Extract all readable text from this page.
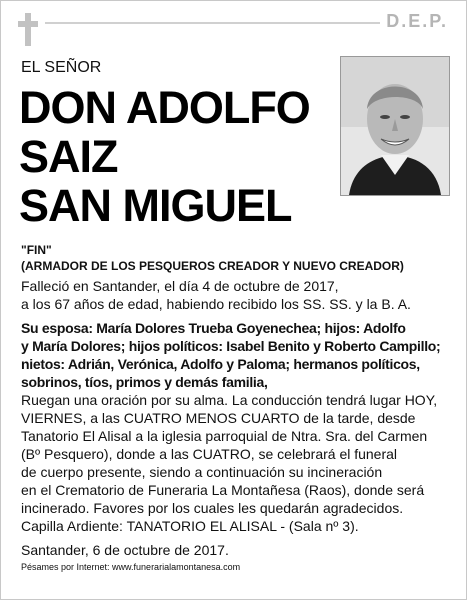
D.E.P.
EL SEÑOR
DON ADOLFO
SAIZ
SAN MIGUEL
"FIN"
(ARMADOR DE LOS PESQUEROS CREADOR Y NUEVO CREADOR)
Falleció en Santander, el día 4 de octubre de 2017,
a los 67 años de edad, habiendo recibido los SS. SS. y la B. A.
Su esposa: María Dolores Trueba Goyenechea; hijos: Adolfo
y María Dolores; hijos políticos: Isabel Benito y Roberto Campillo;
nietos: Adrián, Verónica, Adolfo y Paloma; hermanos políticos,
sobrinos, tíos, primos y demás familia,
Ruegan una oración por su alma. La conducción tendrá lugar HOY,
VIERNES, a las CUATRO MENOS CUARTO de la tarde, desde
Tanatorio El Alisal a la iglesia parroquial de Ntra. Sra. del Carmen
(Bº Pesquero), donde a las CUATRO, se celebrará el funeral
de cuerpo presente, siendo a continuación su incineración
en el Crematorio de Funeraria La Montañesa (Raos), donde será
incinerado. Favores por los cuales les quedarán agradecidos.
Capilla Ardiente: TANATORIO EL ALISAL - (Sala nº 3).
Santander, 6 de octubre de 2017.
Pésames por Internet: www.funerarialamontanesa.com
